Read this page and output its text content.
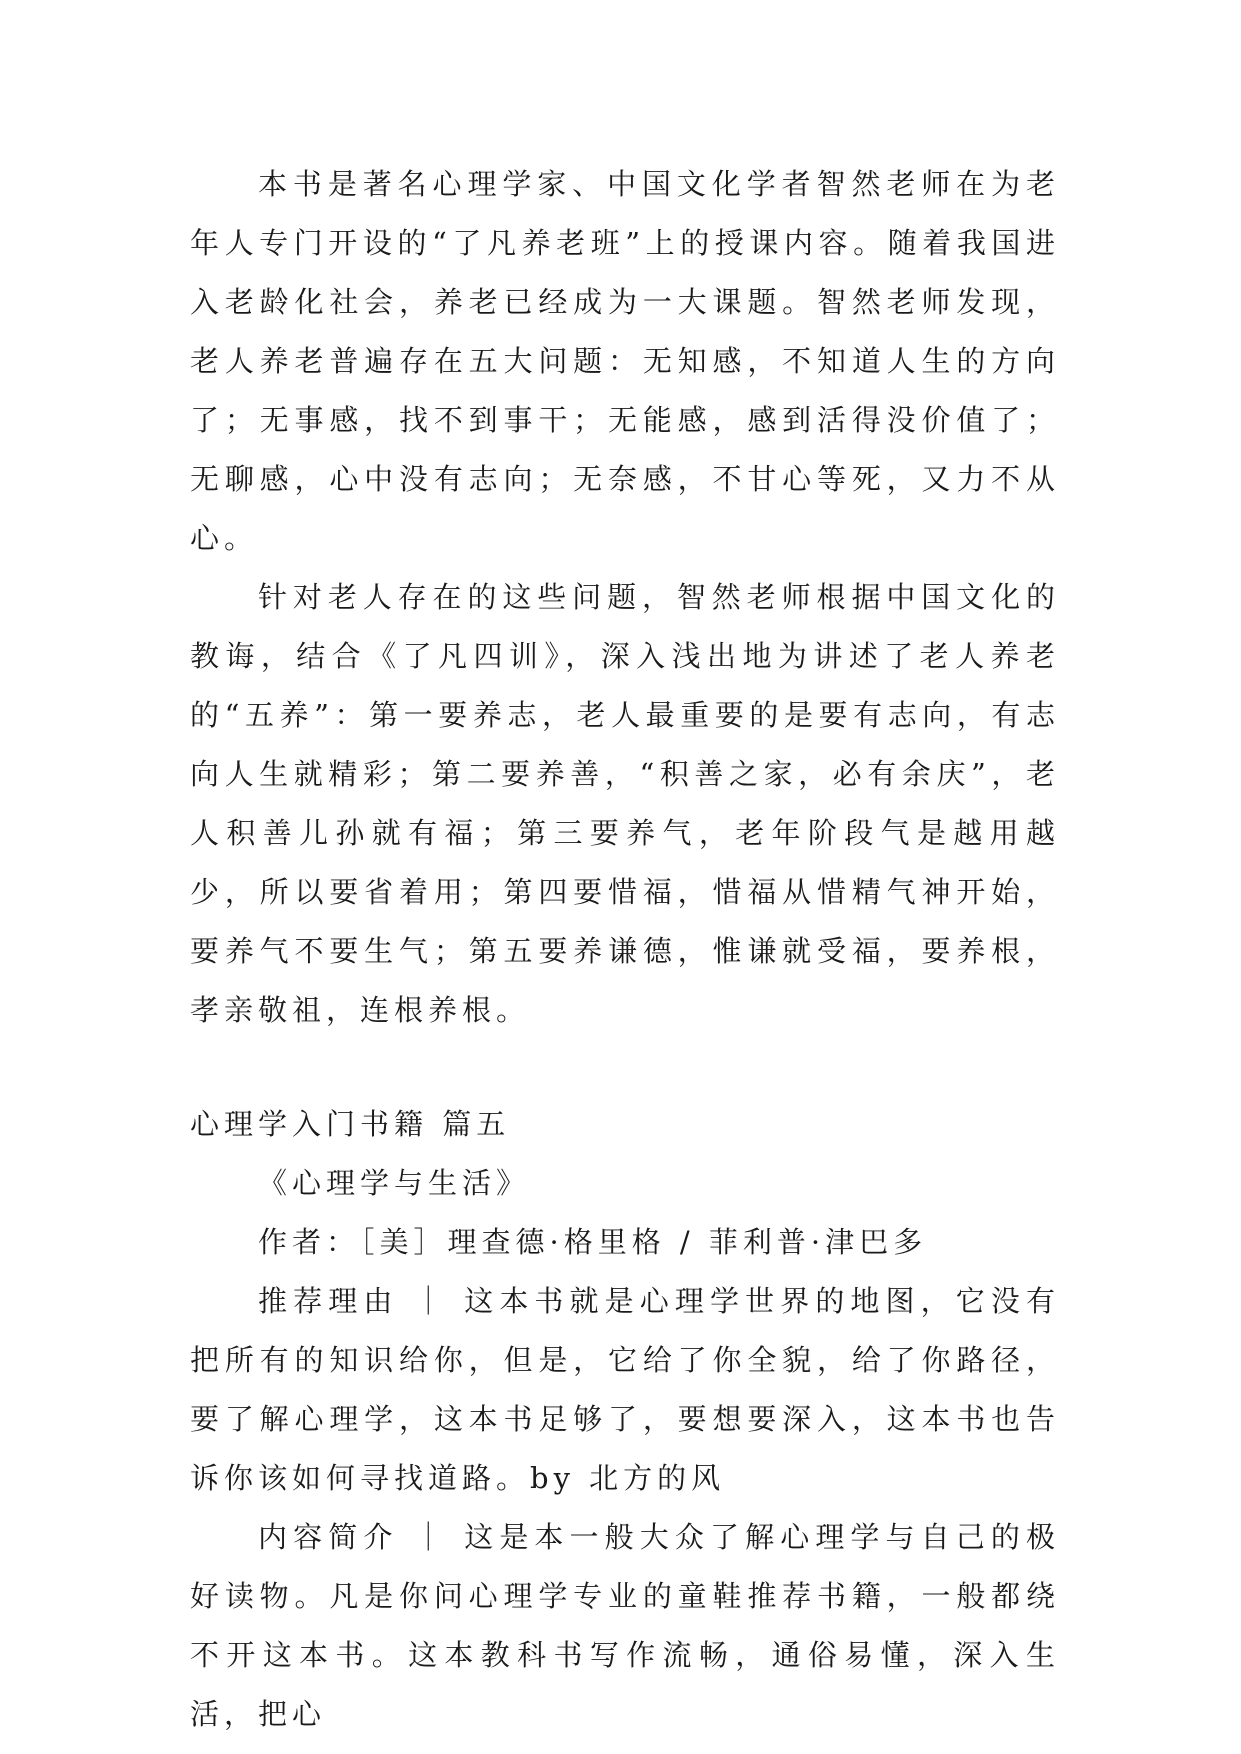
本书是著名心理学家、中国文化学者智然老师在为老年人专门开设的“了凡养老班”上的授课内容。随着我国进入老龄化社会，养老已经成为一大课题。智然老师发现，老人养老普遍存在五大问题：无知感，不知道人生的方向了；无事感，找不到事干；无能感，感到活得没价值了；无聊感，心中没有志向；无奈感，不甘心等死，又力不从心。

针对老人存在的这些问题，智然老师根据中国文化的教诲，结合《了凡四训》，深入浅出地为讲述了老人养老的“五养”：第一要养志，老人最重要的是要有志向，有志向人生就精彩；第二要养善，“积善之家，必有余庆”，老人积善儿孙就有福；第三要养气，老年阶段气是越用越少，所以要省着用；第四要惜福，惜福从惜精气神开始，要养气不要生气；第五要养谦德，惟谦就受福，要养根，孝亲敬祖，连根养根。

心理学入门书籍 篇五

《心理学与生活》

作者：［美］理查德·格里格 / 菲利普·津巴多

推荐理由 ｜ 这本书就是心理学世界的地图，它没有把所有的知识给你，但是，它给了你全貌，给了你路径，要了解心理学，这本书足够了，要想要深入，这本书也告诉你该如何寻找道路。by 北方的风

内容简介 ｜ 这是本一般大众了解心理学与自己的极好读物。凡是你问心理学专业的童鞋推荐书籍，一般都绕不开这本书。这本教科书写作流畅，通俗易懂，深入生活，把心
